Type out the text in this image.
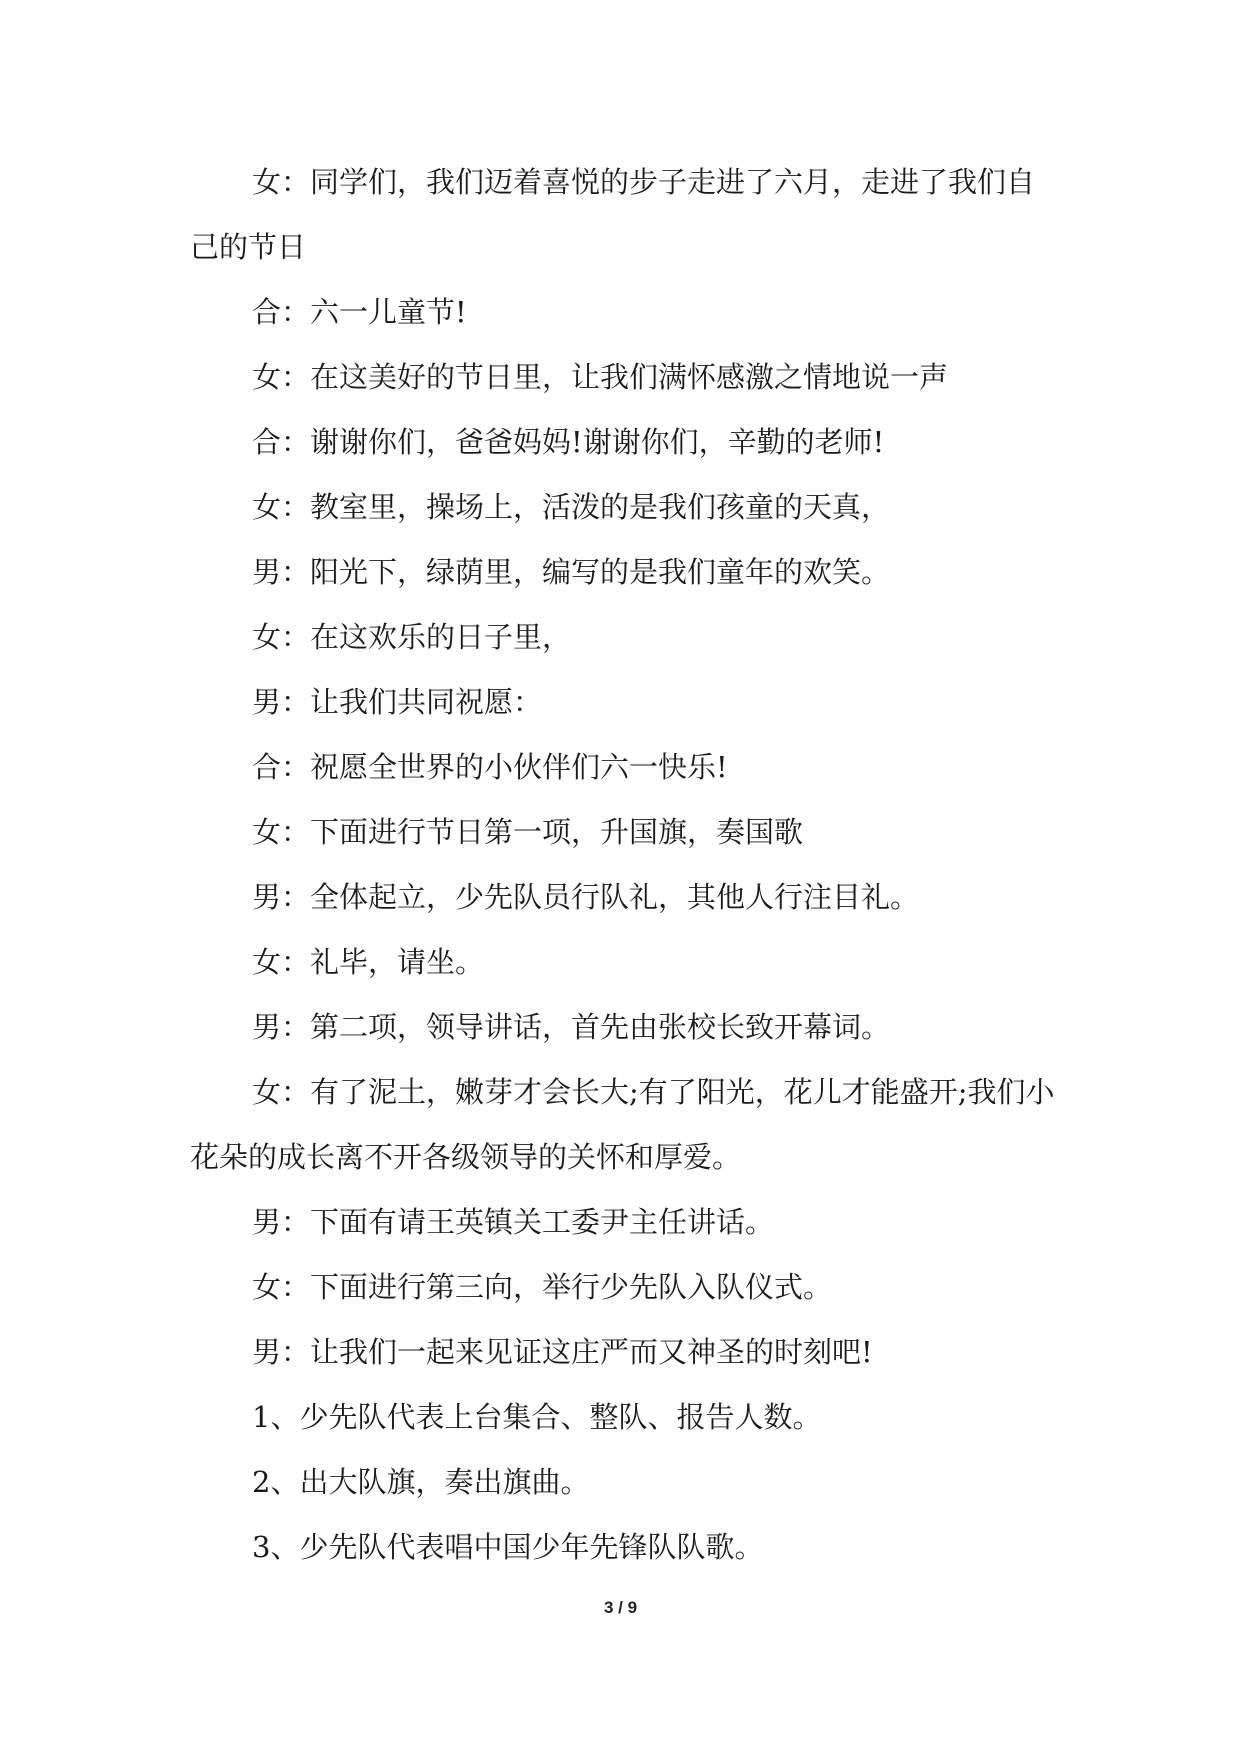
女：同学们，我们迈着喜悦的步子走进了六月，走进了我们自己的节日

合：六一儿童节!

女：在这美好的节日里，让我们满怀感激之情地说一声

合：谢谢你们，爸爸妈妈!谢谢你们，辛勤的老师!

女：教室里，操场上，活泼的是我们孩童的天真，

男：阳光下，绿荫里，编写的是我们童年的欢笑。

女：在这欢乐的日子里，

男：让我们共同祝愿：

合：祝愿全世界的小伙伴们六一快乐!

女：下面进行节日第一项，升国旗，奏国歌

男：全体起立，少先队员行队礼，其他人行注目礼。

女：礼毕，请坐。

男：第二项，领导讲话，首先由张校长致开幕词。

女：有了泥土，嫩芽才会长大;有了阳光，花儿才能盛开;我们小花朵的成长离不开各级领导的关怀和厚爱。

男：下面有请王英镇关工委尹主任讲话。

女：下面进行第三向，举行少先队入队仪式。

男：让我们一起来见证这庄严而又神圣的时刻吧!

1、少先队代表上台集合、整队、报告人数。

2、出大队旗，奏出旗曲。

3、少先队代表唱中国少年先锋队队歌。

3 / 9
